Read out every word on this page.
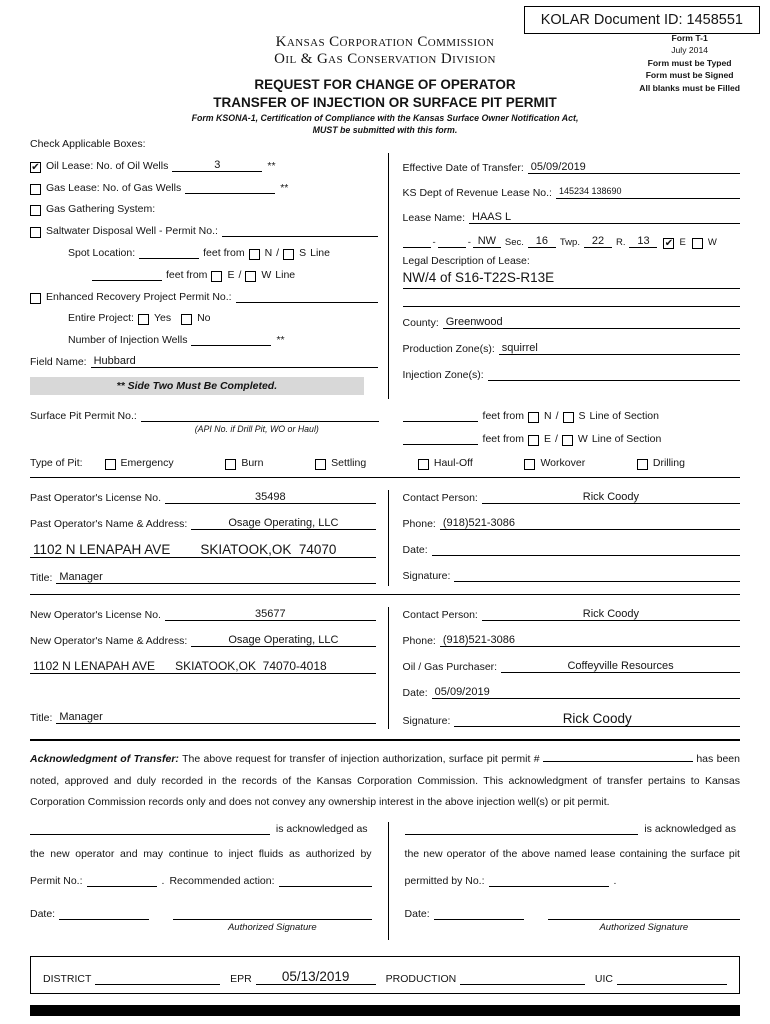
KOLAR Document ID: 1458551
Kansas Corporation Commission
Oil & Gas Conservation Division
Form T-1
July 2014
Form must be Typed
Form must be Signed
All blanks must be Filled
REQUEST FOR CHANGE OF OPERATOR
TRANSFER OF INJECTION OR SURFACE PIT PERMIT
Form KSONA-1, Certification of Compliance with the Kansas Surface Owner Notification Act,
MUST be submitted with this form.
Check Applicable Boxes:
✔ Oil Lease: No. of Oil Wells	3	**
Gas Lease: No. of Gas Wells	**
Gas Gathering System:
Saltwater Disposal Well - Permit No.:
Spot Location:	feet from	N /	S Line
feet from	E /	W Line
Enhanced Recovery Project Permit No.:
Entire Project:	Yes	No
Number of Injection Wells	**
Field Name: Hubbard
** Side Two Must Be Completed.
Effective Date of Transfer: 05/09/2019
KS Dept of Revenue Lease No.: 145234 138690
Lease Name: HAAS L
-	- NW Sec.	16	Twp.	22	R.	13	✔ E	W
Legal Description of Lease:
NW/4 of S16-T22S-R13E
County: Greenwood
Production Zone(s): squirrel
Injection Zone(s):
Surface Pit Permit No.:
(API No. if Drill Pit, WO or Haul)
feet from	N /	S Line of Section
feet from	E /	W Line of Section
Type of Pit:	Emergency	Burn	Settling	Haul-Off	Workover	Drilling
Past Operator's License No.	35498
Past Operator's Name & Address:	Osage Operating, LLC
1102 N LENAPAH AVE        SKIATOOK,OK  74070
Title: Manager
Contact Person:	Rick Coody
Phone: (918)521-3086
Date:
Signature:
New Operator's License No.	35677
New Operator's Name & Address:	Osage Operating, LLC
1102 N LENAPAH AVE      SKIATOOK,OK  74070-4018
Title: Manager
Contact Person:	Rick Coody
Phone: (918)521-3086
Oil / Gas Purchaser:	Coffeyville Resources
Date: 05/09/2019
Signature:	Rick Coody
Acknowledgment of Transfer: The above request for transfer of injection authorization, surface pit permit #	has been noted, approved and duly recorded in the records of the Kansas Corporation Commission. This acknowledgment of transfer pertains to Kansas Corporation Commission records only and does not convey any ownership interest in the above injection well(s) or pit permit.
is acknowledged as
the new operator and may continue to inject fluids as authorized by
Permit No.:	. Recommended action:
Date:
Authorized Signature
is acknowledged as
the new operator of the above named lease containing the surface pit
permitted by No.:	.
Date:
Authorized Signature
DISTRICT	EPR	05/13/2019	PRODUCTION	UIC
